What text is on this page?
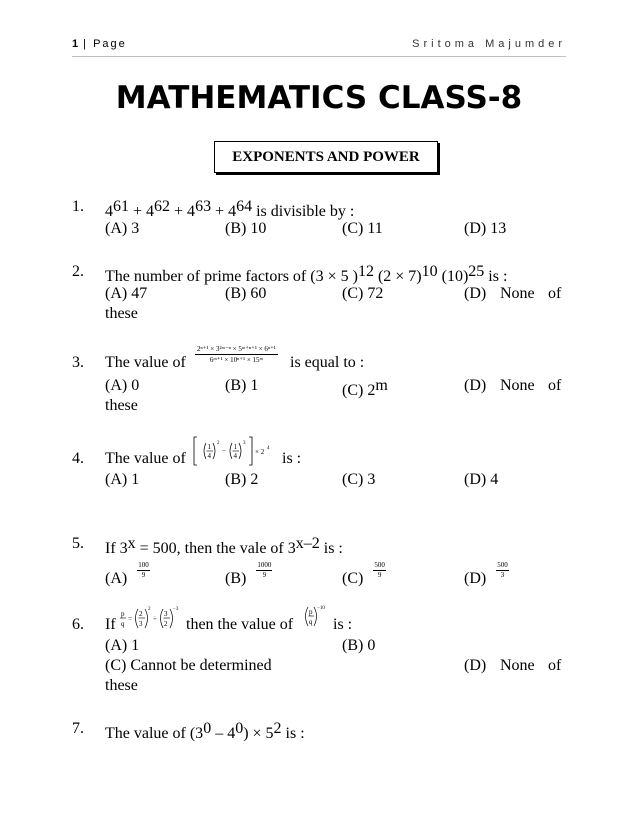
1 | Page	Sritoma Majumder
MATHEMATICS CLASS-8
EXPONENTS AND POWER
1. $4^{61} + 4^{62} + 4^{63} + 4^{64}$ is divisible by :
(A) 3	(B) 10	(C) 11	(D) 13
2. The number of prime factors of (3 × 5 )$^{12}$ $(2 \times 7)^{10}$ $(10)^{25}$ is :
(A) 47	(B) 60	(C) 72	(D) None of
these
3. The value of $\frac{\text{2ⁿ⁺¹ × 3²ᵐ⁻ⁿ × 5ᵐ⁺ⁿ⁺¹ × 6ⁿ⁺¹}}{\text{6ᵐ⁺¹ × 10ⁿ⁺¹ × 15ᵐ}}$ is equal to :
(A) 0	(B) 1	(C) 2$^m$	(D) None of
these
4. The value of
1
4
2
− 1
4
3
× 2 4
is :
(A) 1	(B) 2	(C) 3	(D) 4
5. If $3^x = 500$, then the vale of 3$^{x-2}$ is :
$(A) \frac{100}{9}$	$(B) \frac{1000}{9}$	$(C) \frac{500}{9}$	$(D) \frac{500}{3}$
6. If
p
q
=
2
3
2
÷
3
2
−3
then the value of
p
q
−10
is :
(A) 1	(B) 0
(C) Cannot be determined	(D) None of
these
7. The value of $(3^0 - 4^0) \times 5^2$ is :
